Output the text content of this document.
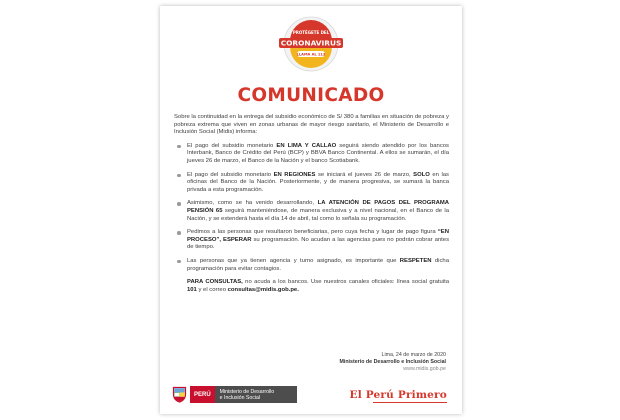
CORONAVIRUS
PROTÉGETE DEL
LLAMA AL 113
COMUNICADO

Sobre la continuidad en la entrega del subsidio económico de S/ 380 a familias en situación de pobreza y pobreza extrema que viven en zonas urbanas de mayor riesgo sanitario, el Ministerio de Desarrollo e Inclusión Social (Midis) informa:

El pago del subsidio monetario EN LIMA Y CALLAO seguirá siendo atendido por los bancos Interbank, Banco de Crédito del Perú (BCP) y BBVA Banco Continental. A ellos se sumarán, el día jueves 26 de marzo, el Banco de la Nación y el banco Scotiabank.
El pago del subsidio monetario EN REGIONES se iniciará el jueves 26 de marzo, SOLO en las oficinas del Banco de la Nación. Posteriormente, y de manera progresiva, se sumará la banca privada a esta programación.
Asimismo, como se ha venido desarrollando, LA ATENCIÓN DE PAGOS DEL PROGRAMA PENSIÓN 65 seguirá manteniéndose, de manera exclusiva y a nivel nacional, en el Banco de la Nación, y se extenderá hasta el día 14 de abril, tal como lo señala su programación.
Pedimos a las personas que resultaron beneficiarias, pero cuya fecha y lugar de pago figura “EN PROCESO”, ESPERAR su programación. No acudan a las agencias pues no podrán cobrar antes de tiempo.
Las personas que ya tienen agencia y turno asignado, es importante que RESPETEN dicha programación para evitar contagios.

PARA CONSULTAS, no acuda a los bancos. Use nuestros canales oficiales: línea social gratuita 101 y el correo consultas@midis.gob.pe.

Lima, 24 de marzo de 2020
Ministerio de Desarrollo e Inclusión Social
www.midis.gob.pe
PERÚ	Ministerio de Desarrollo
e Inclusión Social	El Perú Primero
